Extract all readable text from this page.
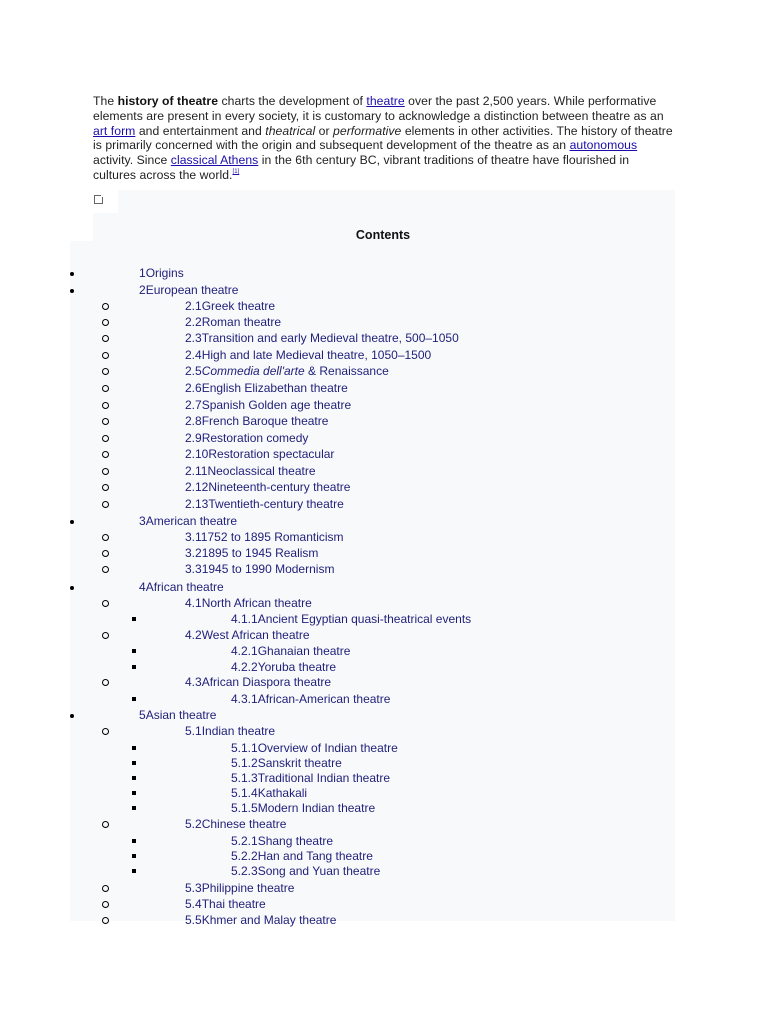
The history of theatre charts the development of theatre over the past 2,500 years. While performative elements are present in every society, it is customary to acknowledge a distinction between theatre as an art form and entertainment and theatrical or performative elements in other activities. The history of theatre is primarily concerned with the origin and subsequent development of the theatre as an autonomous activity. Since classical Athens in the 6th century BC, vibrant traditions of theatre have flourished in cultures across the world.[1]

Contents
1Origins
2European theatre
2.1Greek theatre
2.2Roman theatre
2.3Transition and early Medieval theatre, 500–1050
2.4High and late Medieval theatre, 1050–1500
2.5Commedia dell'arte & Renaissance
2.6English Elizabethan theatre
2.7Spanish Golden age theatre
2.8French Baroque theatre
2.9Restoration comedy
2.10Restoration spectacular
2.11Neoclassical theatre
2.12Nineteenth-century theatre
2.13Twentieth-century theatre
3American theatre
3.11752 to 1895 Romanticism
3.21895 to 1945 Realism
3.31945 to 1990 Modernism
4African theatre
4.1North African theatre
4.1.1Ancient Egyptian quasi-theatrical events
4.2West African theatre
4.2.1Ghanaian theatre
4.2.2Yoruba theatre
4.3African Diaspora theatre
4.3.1African-American theatre
5Asian theatre
5.1Indian theatre
5.1.1Overview of Indian theatre
5.1.2Sanskrit theatre
5.1.3Traditional Indian theatre
5.1.4Kathakali
5.1.5Modern Indian theatre
5.2Chinese theatre
5.2.1Shang theatre
5.2.2Han and Tang theatre
5.2.3Song and Yuan theatre
5.3Philippine theatre
5.4Thai theatre
5.5Khmer and Malay theatre
